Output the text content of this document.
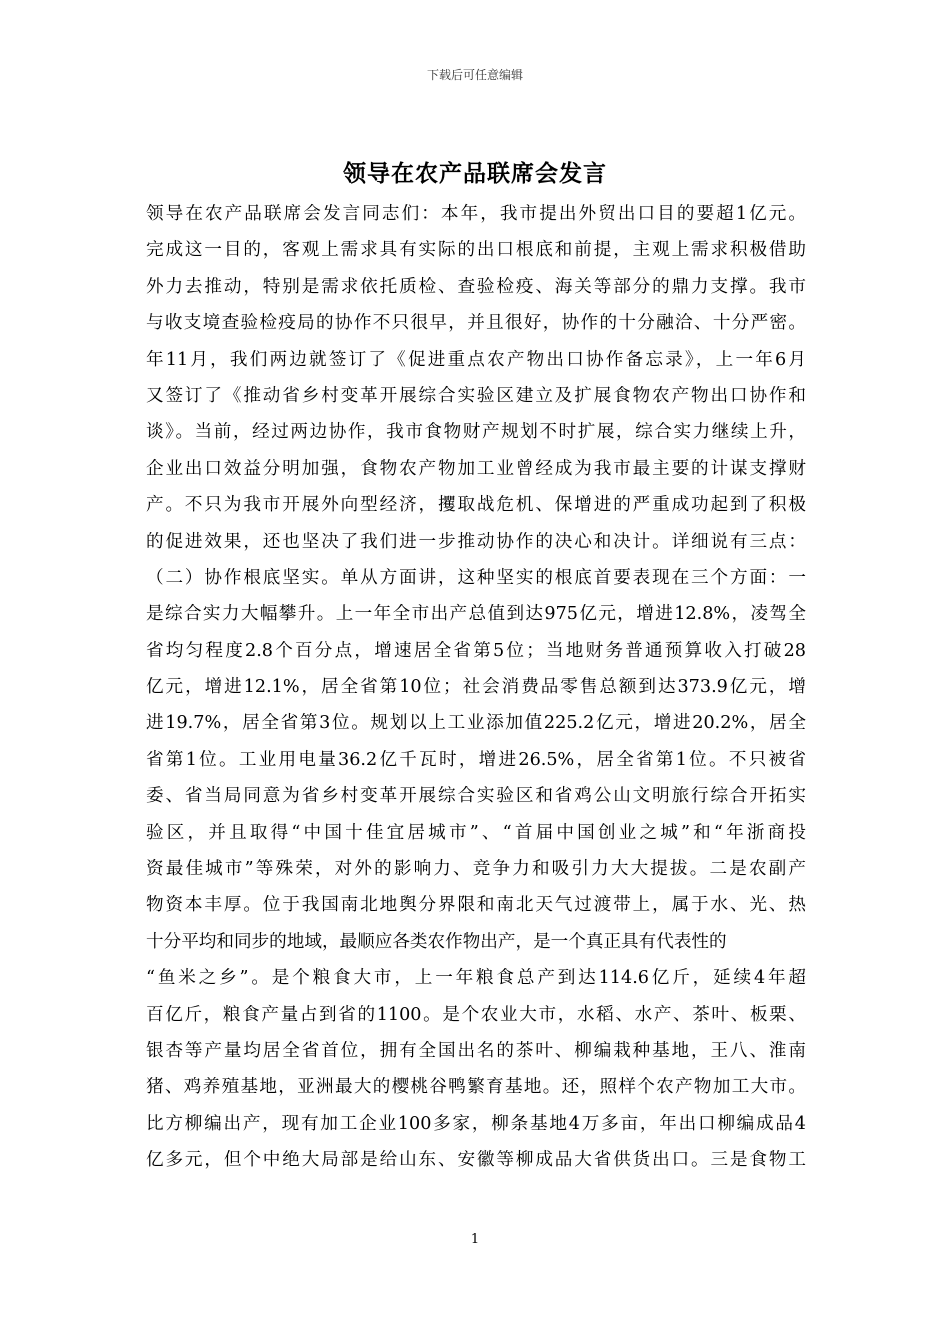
下载后可任意编辑
领导在农产品联席会发言
领导在农产品联席会发言同志们：本年，我市提出外贸出口目的要超1亿元。
完成这一目的，客观上需求具有实际的出口根底和前提，主观上需求积极借助
外力去推动，特别是需求依托质检、查验检疫、海关等部分的鼎力支撑。我市
与收支境查验检疫局的协作不只很早，并且很好，协作的十分融洽、十分严密。
年11月，我们两边就签订了《促进重点农产物出口协作备忘录》，上一年6月
又签订了《推动省乡村变革开展综合实验区建立及扩展食物农产物出口协作和
谈》。当前，经过两边协作，我市食物财产规划不时扩展，综合实力继续上升，
企业出口效益分明加强，食物农产物加工业曾经成为我市最主要的计谋支撑财
产。不只为我市开展外向型经济，攫取战危机、保增进的严重成功起到了积极
的促进效果，还也坚决了我们进一步推动协作的决心和决计。详细说有三点：
（二）协作根底坚实。单从方面讲，这种坚实的根底首要表现在三个方面：一
是综合实力大幅攀升。上一年全市出产总值到达975亿元，增进12.8%，凌驾全
省均匀程度2.8个百分点，增速居全省第5位；当地财务普通预算收入打破28
亿元，增进12.1%，居全省第10位；社会消费品零售总额到达373.9亿元，增
进19.7%，居全省第3位。规划以上工业添加值225.2亿元，增进20.2%，居全
省第1位。工业用电量36.2亿千瓦时，增进26.5%，居全省第1位。不只被省
委、省当局同意为省乡村变革开展综合实验区和省鸡公山文明旅行综合开拓实
验区，并且取得“中国十佳宜居城市”、“首届中国创业之城”和“年浙商投
资最佳城市”等殊荣，对外的影响力、竞争力和吸引力大大提拔。二是农副产
物资本丰厚。位于我国南北地舆分界限和南北天气过渡带上，属于水、光、热
十分平均和同步的地域，最顺应各类农作物出产，是一个真正具有代表性的
“鱼米之乡”。是个粮食大市，上一年粮食总产到达114.6亿斤，延续4年超
百亿斤，粮食产量占到省的1100。是个农业大市，水稻、水产、茶叶、板栗、
银杏等产量均居全省首位，拥有全国出名的茶叶、柳编栽种基地，王八、淮南
猪、鸡养殖基地，亚洲最大的樱桃谷鸭繁育基地。还，照样个农产物加工大市。
比方柳编出产，现有加工企业100多家，柳条基地4万多亩，年出口柳编成品4
亿多元，但个中绝大局部是给山东、安徽等柳成品大省供货出口。三是食物工
1
